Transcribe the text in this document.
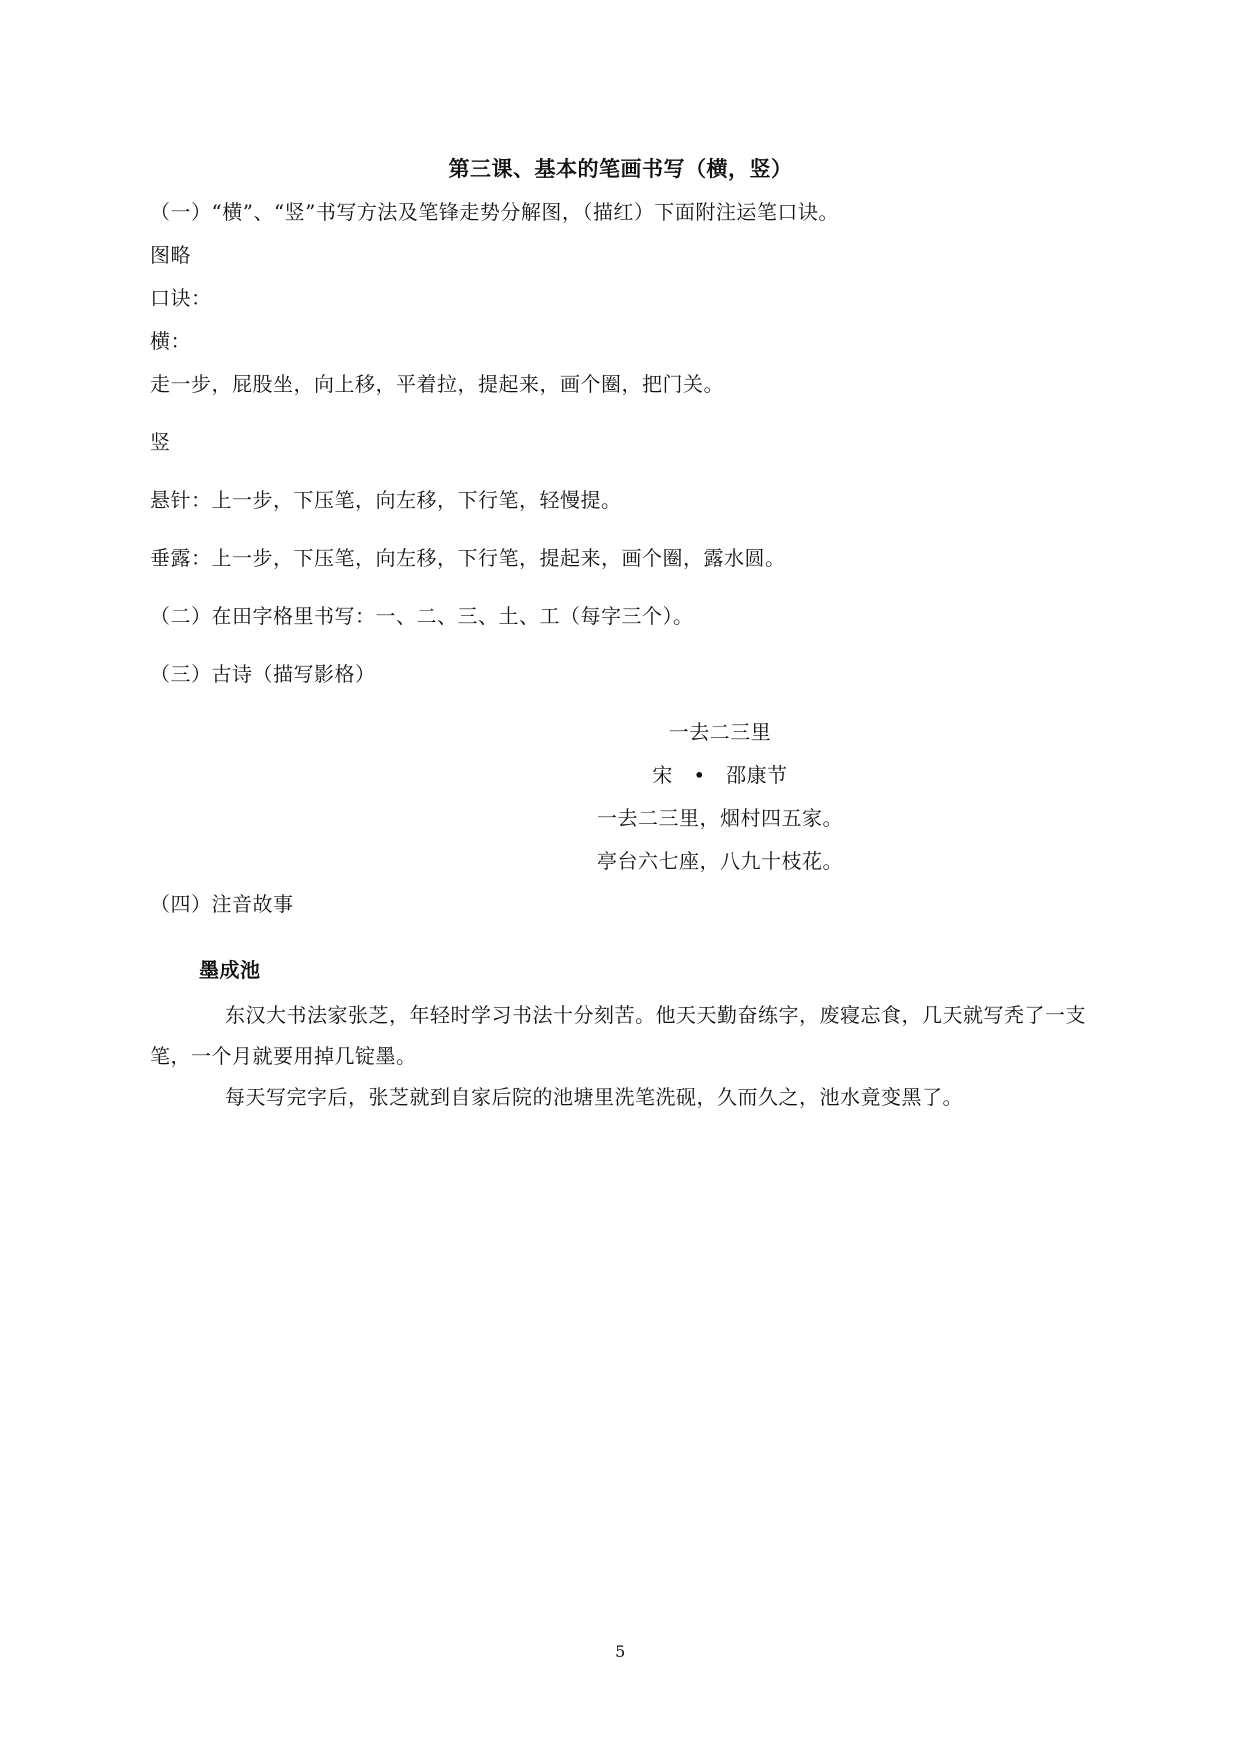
第三课、基本的笔画书写（横，竖）
（一）“横”、“竖”书写方法及笔锋走势分解图，（描红）下面附注运笔口诀。
图略
口诀：
横：
走一步，屁股坐，向上移，平着拉，提起来，画个圈，把门关。
竖
悬针：上一步，下压笔，向左移，下行笔，轻慢提。
垂露：上一步，下压笔，向左移，下行笔，提起来，画个圈，露水圆。
（二）在田字格里书写：一、二、三、土、工（每字三个）。
（三）古诗（描写影格）
一去二三里
宋　•　邵康节
一去二三里，烟村四五家。
亭台六七座，八九十枝花。
（四）注音故事
墨成池
东汉大书法家张芝，年轻时学习书法十分刻苦。他天天勤奋练字，废寝忘食，几天就写秃了一支笔，一个月就要用掉几锭墨。
每天写完字后，张芝就到自家后院的池塘里洗笔洗砚，久而久之，池水竟变黑了。
5
